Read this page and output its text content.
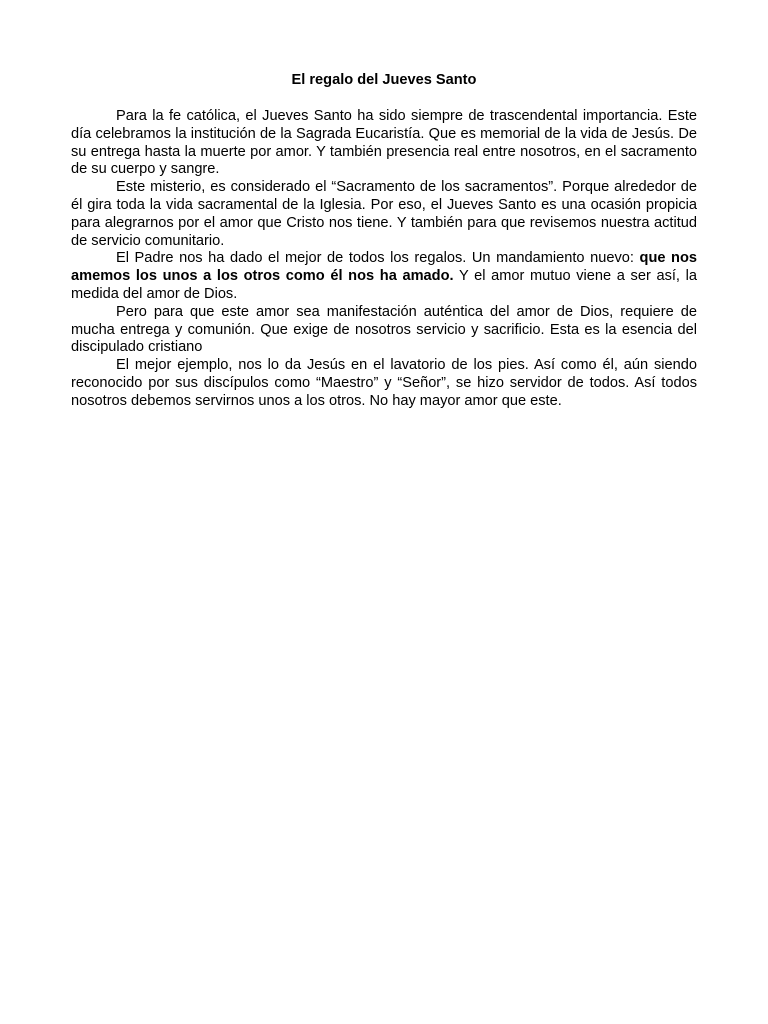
El regalo del Jueves Santo

Para la fe católica, el Jueves Santo ha sido siempre de trascendental importancia. Este día celebramos la institución de la Sagrada Eucaristía. Que es memorial de la vida de Jesús. De su entrega hasta la muerte por amor. Y también presencia real entre nosotros, en el sacramento de su cuerpo y sangre.

Este misterio, es considerado el “Sacramento de los sacramentos”. Porque alrededor de él gira toda la vida sacramental de la Iglesia. Por eso, el Jueves Santo es una ocasión propicia para alegrarnos por el amor que Cristo nos tiene. Y también para que revisemos nuestra actitud de servicio comunitario.

El Padre nos ha dado el mejor de todos los regalos. Un mandamiento nuevo: que nos amemos los unos a los otros como él nos ha amado. Y el amor mutuo viene a ser así, la medida del amor de Dios.

Pero para que este amor sea manifestación auténtica del amor de Dios, requiere de mucha entrega y comunión. Que exige de nosotros servicio y sacrificio. Esta es la esencia del discipulado cristiano

El mejor ejemplo, nos lo da Jesús en el lavatorio de los pies. Así como él, aún siendo reconocido por sus discípulos como “Maestro” y “Señor”, se hizo servidor de todos. Así todos nosotros debemos servirnos unos a los otros. No hay mayor amor que este.
